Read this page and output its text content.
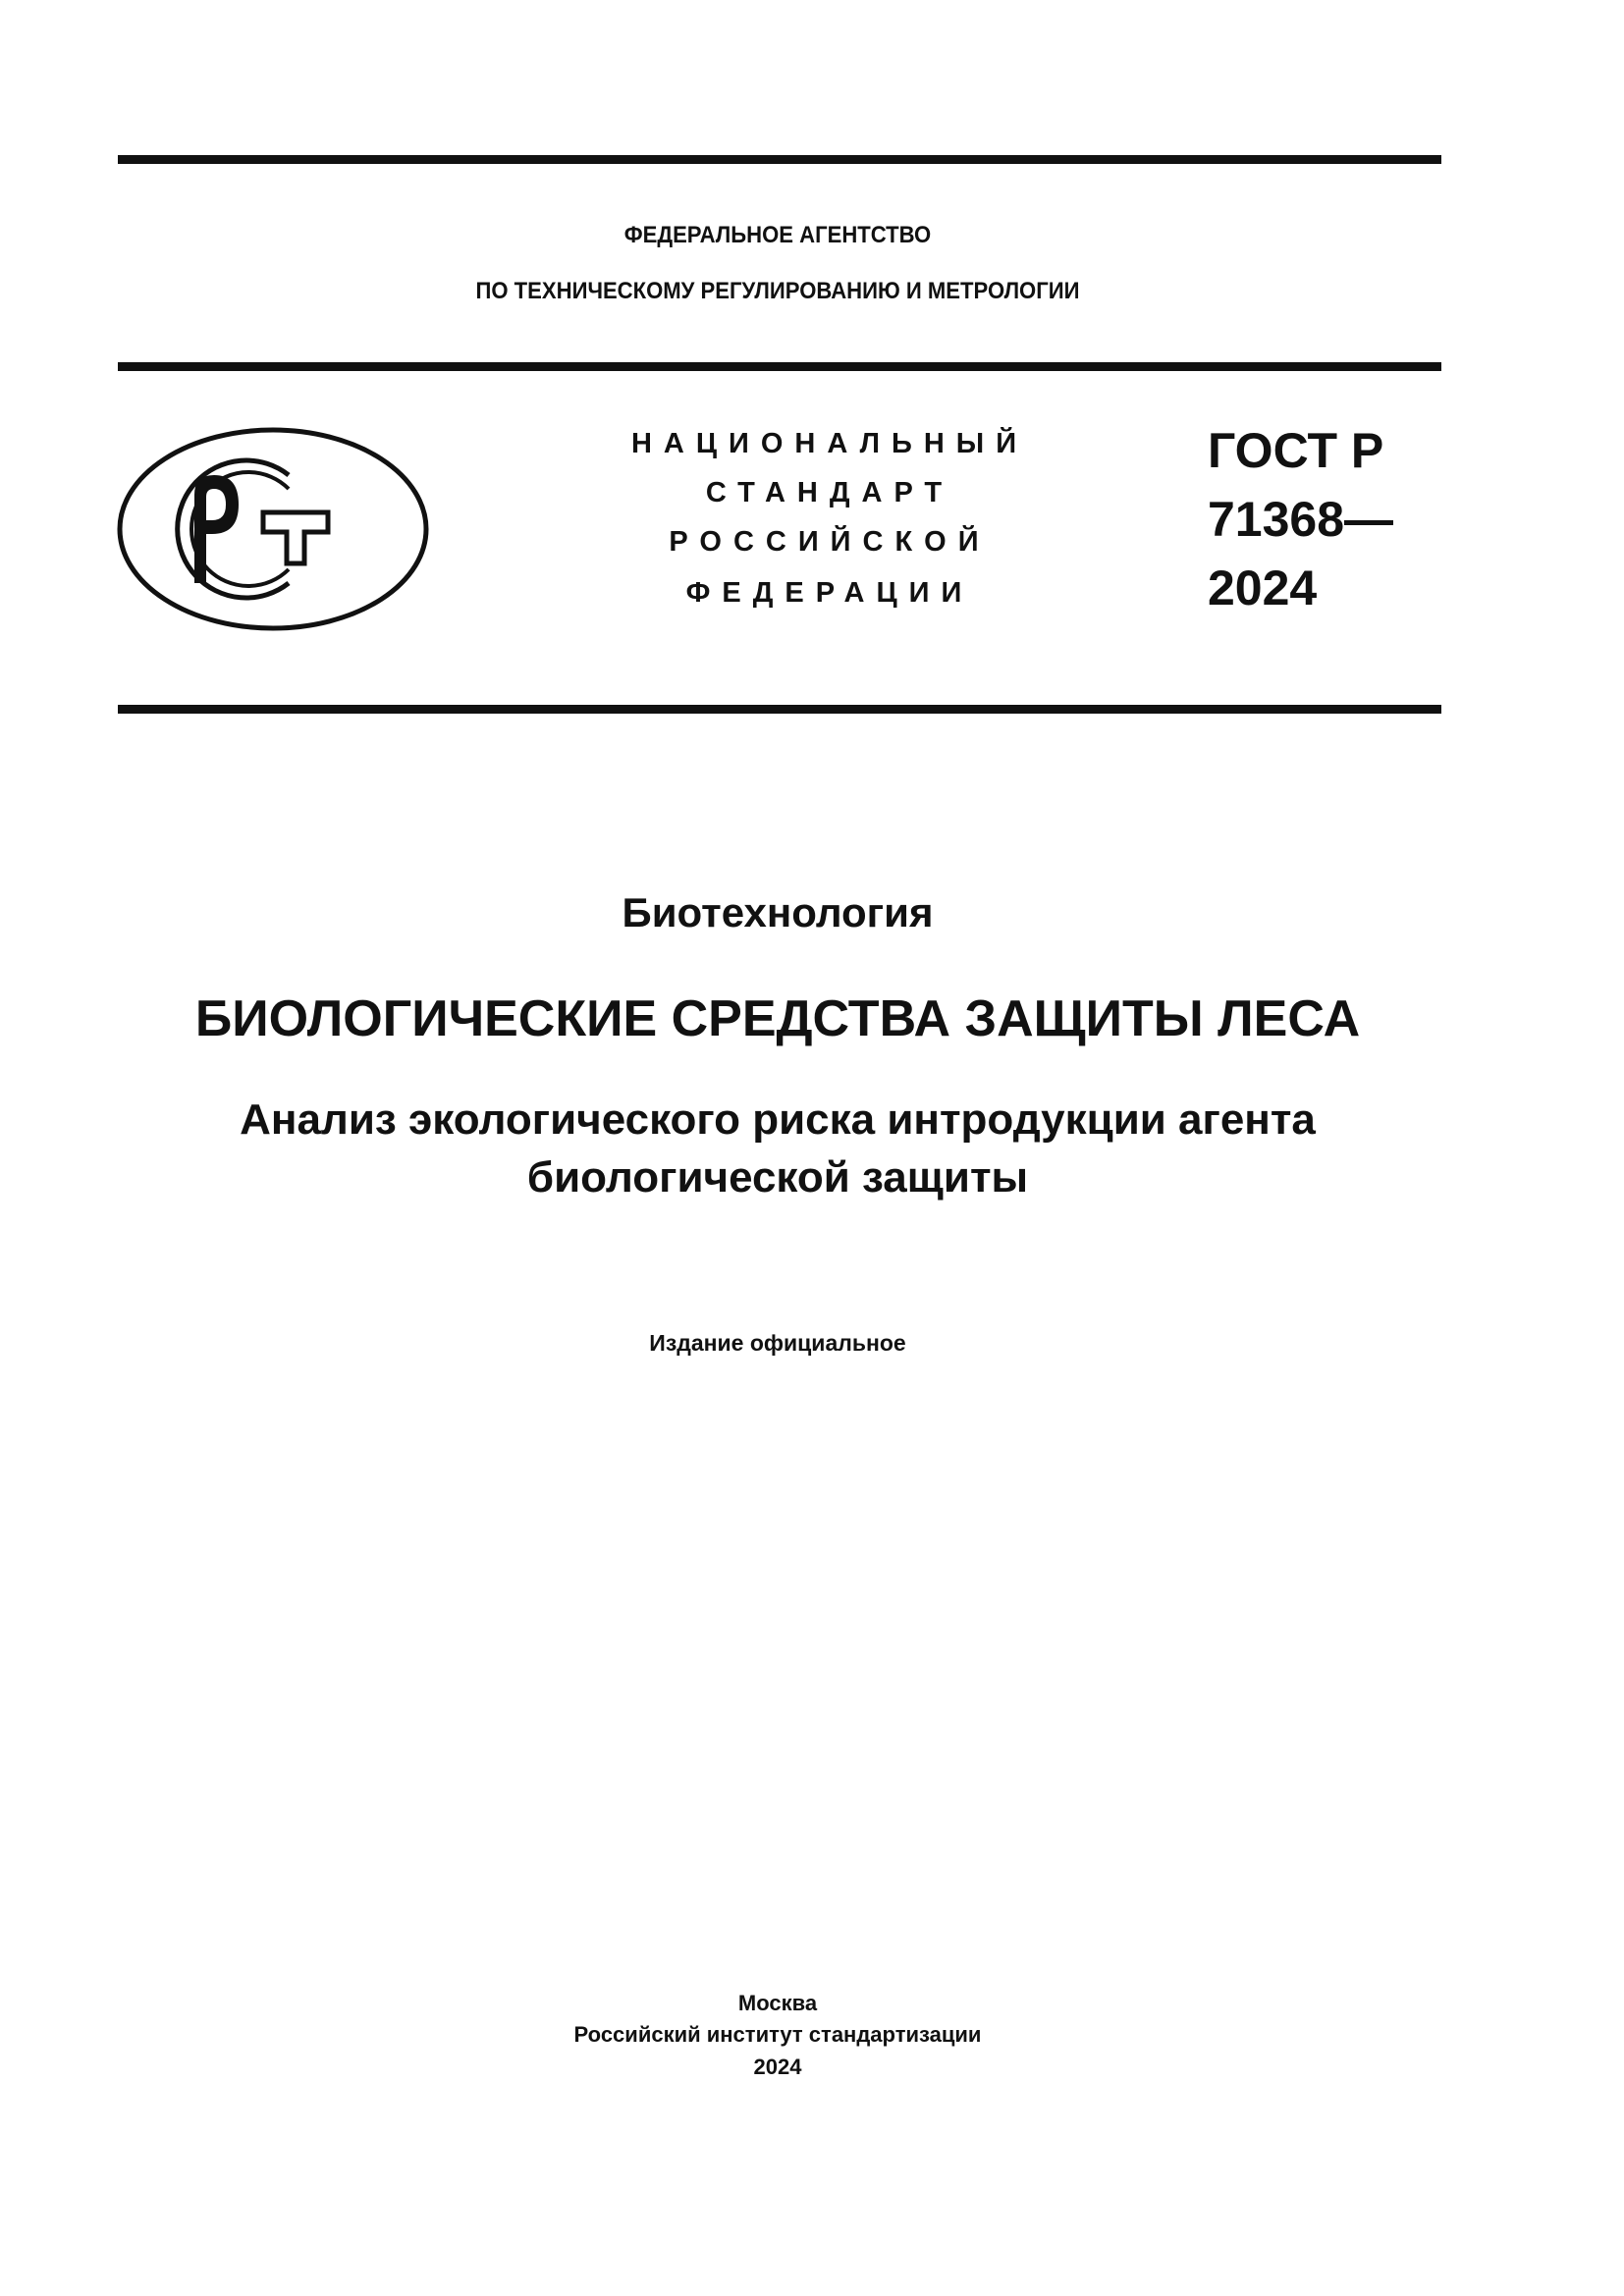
ФЕДЕРАЛЬНОЕ АГЕНТСТВО
ПО ТЕХНИЧЕСКОМУ РЕГУЛИРОВАНИЮ И МЕТРОЛОГИИ
НАЦИОНАЛЬНЫЙ
СТАНДАРТ
РОССИЙСКОЙ
ФЕДЕРАЦИИ
ГОСТ Р
71368—
2024
Биотехнология
БИОЛОГИЧЕСКИЕ СРЕДСТВА ЗАЩИТЫ ЛЕСА
Анализ экологического риска интродукции агента
биологической защиты
Издание официальное
Москва
Российский институт стандартизации
2024
